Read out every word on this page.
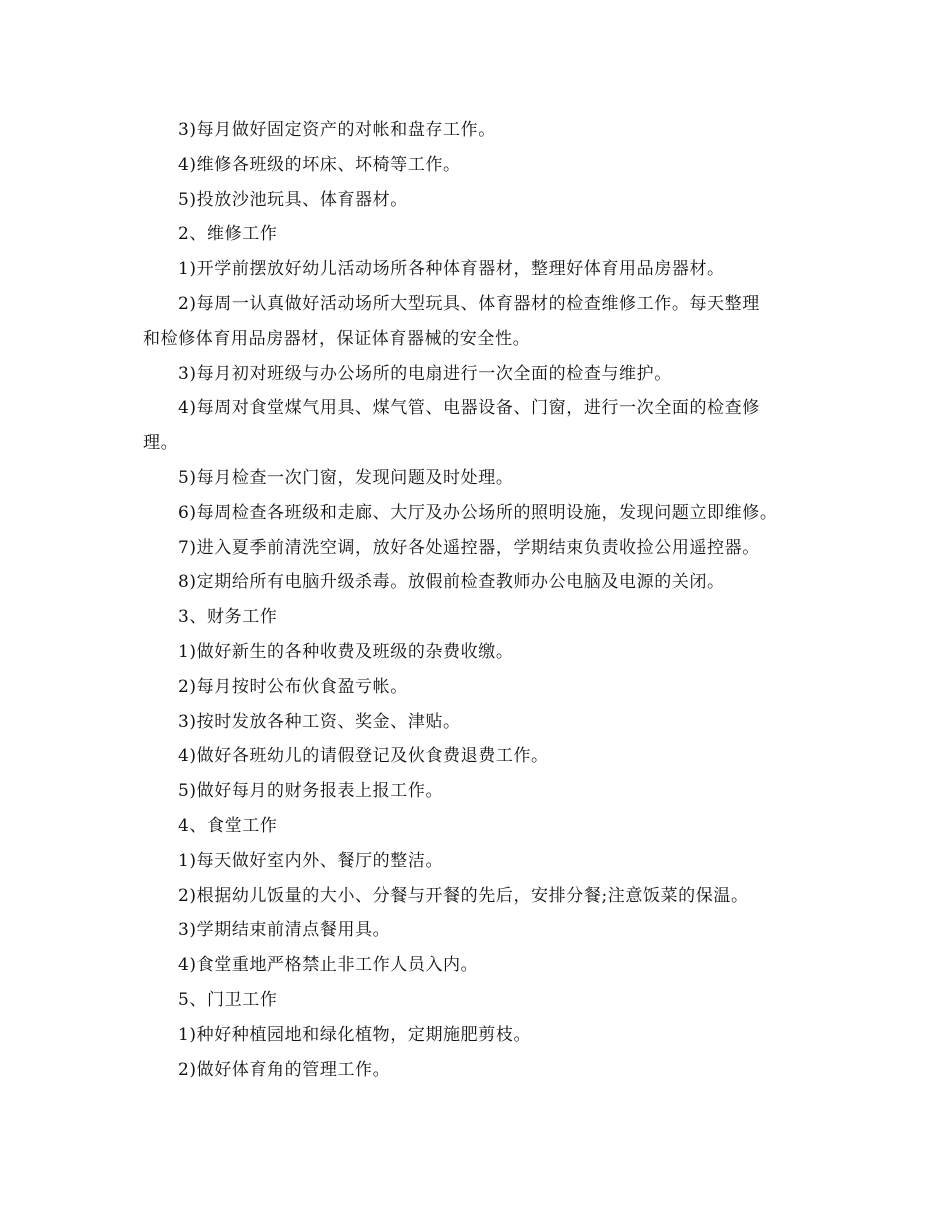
3)每月做好固定资产的对帐和盘存工作。
4)维修各班级的坏床、坏椅等工作。
5)投放沙池玩具、体育器材。
2、维修工作
1)开学前摆放好幼儿活动场所各种体育器材，整理好体育用品房器材。
2)每周一认真做好活动场所大型玩具、体育器材的检查维修工作。每天整理
和检修体育用品房器材，保证体育器械的安全性。
3)每月初对班级与办公场所的电扇进行一次全面的检查与维护。
4)每周对食堂煤气用具、煤气管、电器设备、门窗，进行一次全面的检查修
理。
5)每月检查一次门窗，发现问题及时处理。
6)每周检查各班级和走廊、大厅及办公场所的照明设施，发现问题立即维修。
7)进入夏季前清洗空调，放好各处遥控器，学期结束负责收捡公用遥控器。
8)定期给所有电脑升级杀毒。放假前检查教师办公电脑及电源的关闭。
3、财务工作
1)做好新生的各种收费及班级的杂费收缴。
2)每月按时公布伙食盈亏帐。
3)按时发放各种工资、奖金、津贴。
4)做好各班幼儿的请假登记及伙食费退费工作。
5)做好每月的财务报表上报工作。
4、食堂工作
1)每天做好室内外、餐厅的整洁。
2)根据幼儿饭量的大小、分餐与开餐的先后，安排分餐;注意饭菜的保温。
3)学期结束前清点餐用具。
4)食堂重地严格禁止非工作人员入内。
5、门卫工作
1)种好种植园地和绿化植物，定期施肥剪枝。
2)做好体育角的管理工作。
